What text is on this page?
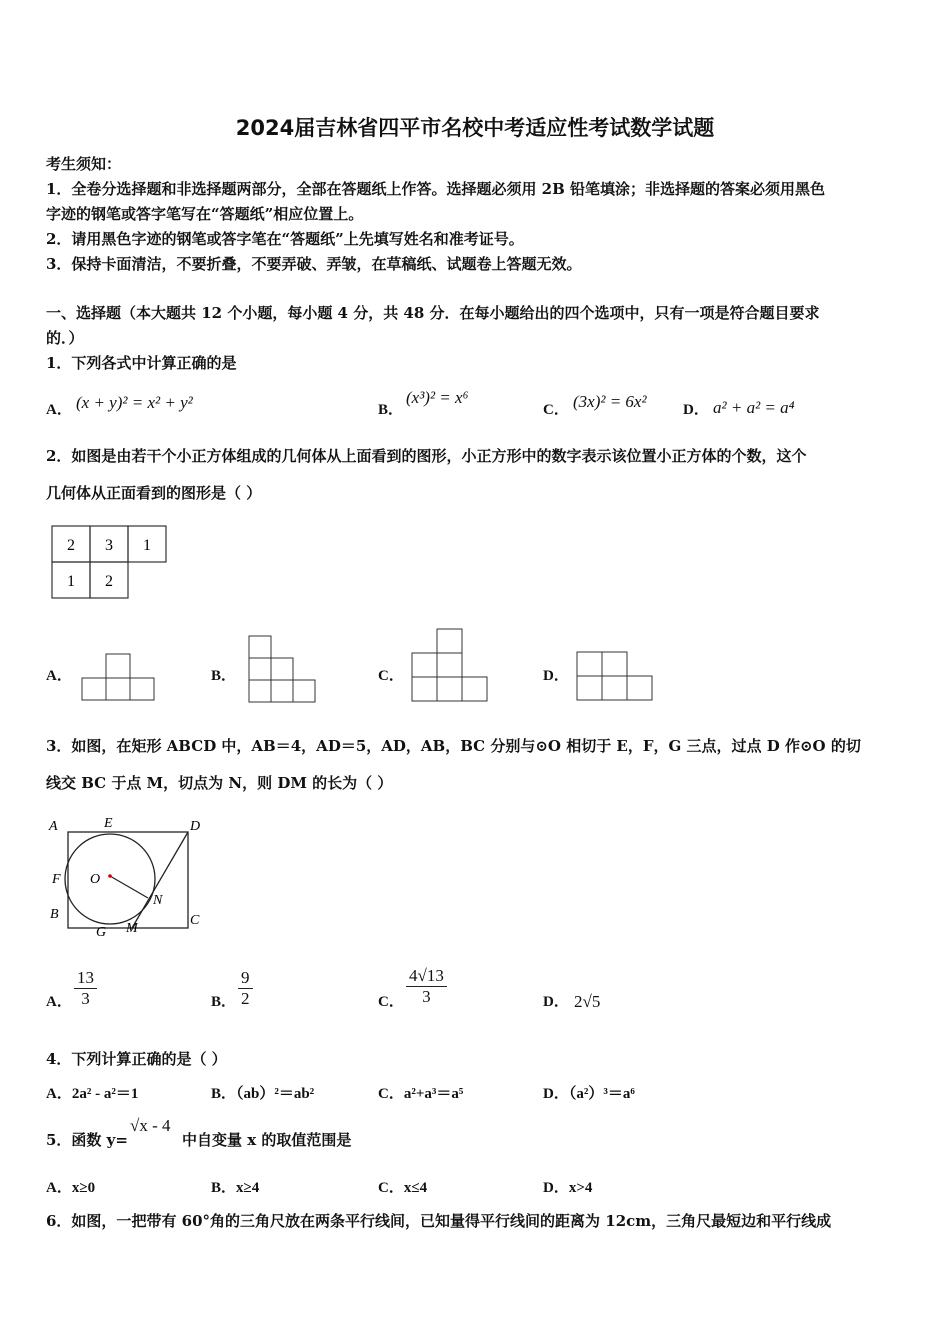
2024届吉林省四平市名校中考适应性考试数学试题
考生须知：
1．全卷分选择题和非选择题两部分，全部在答题纸上作答。选择题必须用 2B 铅笔填涂；非选择题的答案必须用黑色
字迹的钢笔或答字笔写在“答题纸”相应位置上。
2．请用黑色字迹的钢笔或答字笔在“答题纸”上先填写姓名和准考证号。
3．保持卡面清洁，不要折叠，不要弄破、弄皱，在草稿纸、试题卷上答题无效。
一、选择题（本大题共 12 个小题，每小题 4 分，共 48 分．在每小题给出的四个选项中，只有一项是符合题目要求
的．）
1．下列各式中计算正确的是
A． (x + y)² = x² + y²	B．
(x³)² = x⁶
C． (3x)² = 6x² D． a² + a² = a⁴
2．如图是由若干个小正方体组成的几何体从上面看到的图形，小正方形中的数字表示该位置小正方体的个数，这个
几何体从正面看到的图形是（ ）
2 3 1
1 2
A．	B．	C．	D．
3．如图，在矩形 ABCD 中，AB＝4，AD＝5，AD，AB，BC 分别与⊙O 相切于 E，F，G 三点，过点 D 作⊙O 的切
线交 BC 于点 M，切点为 N，则 DM 的长为（ ）
A	E	D
F O
N
B	C
G M
A． $\frac{13}{3}$	B． $\frac{9}{2}$	C． $\frac{4√13}{3}$	D． 2√5
4．下列计算正确的是（ ）
A．2a² - a²＝1	B．（ab）²＝ab²	C．a²+a³＝a⁵	D．（a²）³＝a⁶
5．函数 y=
√x - 4
中自变量 x 的取值范围是
A．x≥0	B．x≥4	C．x≤4	D．x>4
6．如图，一把带有 60°角的三角尺放在两条平行线间，已知量得平行线间的距离为 12cm，三角尺最短边和平行线成
